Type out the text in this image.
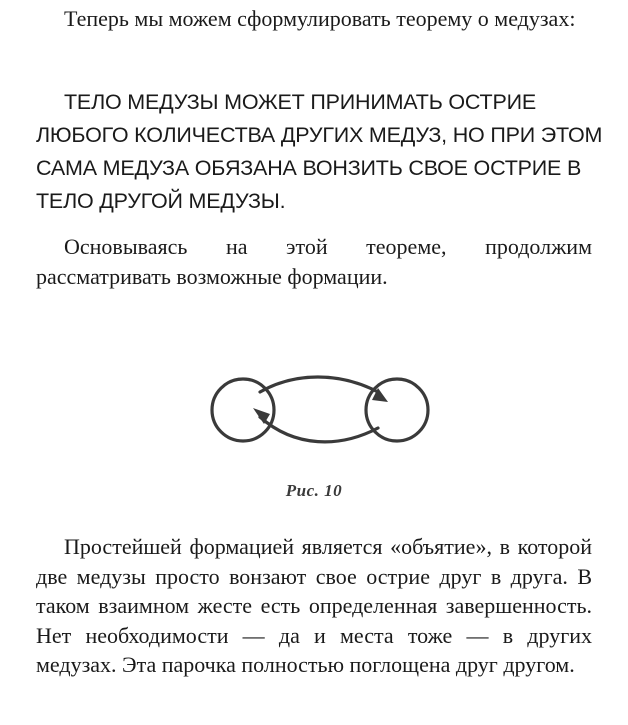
Теперь мы можем сформулировать теорему о медузах:

ТЕЛО МЕДУЗЫ МОЖЕТ ПРИНИМАТЬ ОСТРИЕ ЛЮБОГО КОЛИЧЕСТВА ДРУГИХ МЕДУЗ, НО ПРИ ЭТОМ САМА МЕДУЗА ОБЯЗАНА ВОНЗИТЬ СВОЕ ОСТРИЕ В ТЕЛО ДРУГОЙ МЕДУЗЫ.

Основываясь на этой теореме, продолжим рассматривать возможные формации.

Рис. 10

Простейшей формацией является «объятие», в которой две медузы просто вонзают свое острие друг в друга. В таком взаимном жесте есть определенная завершенность. Нет необходимости — да и места тоже — в других медузах. Эта парочка полностью поглощена друг другом.
